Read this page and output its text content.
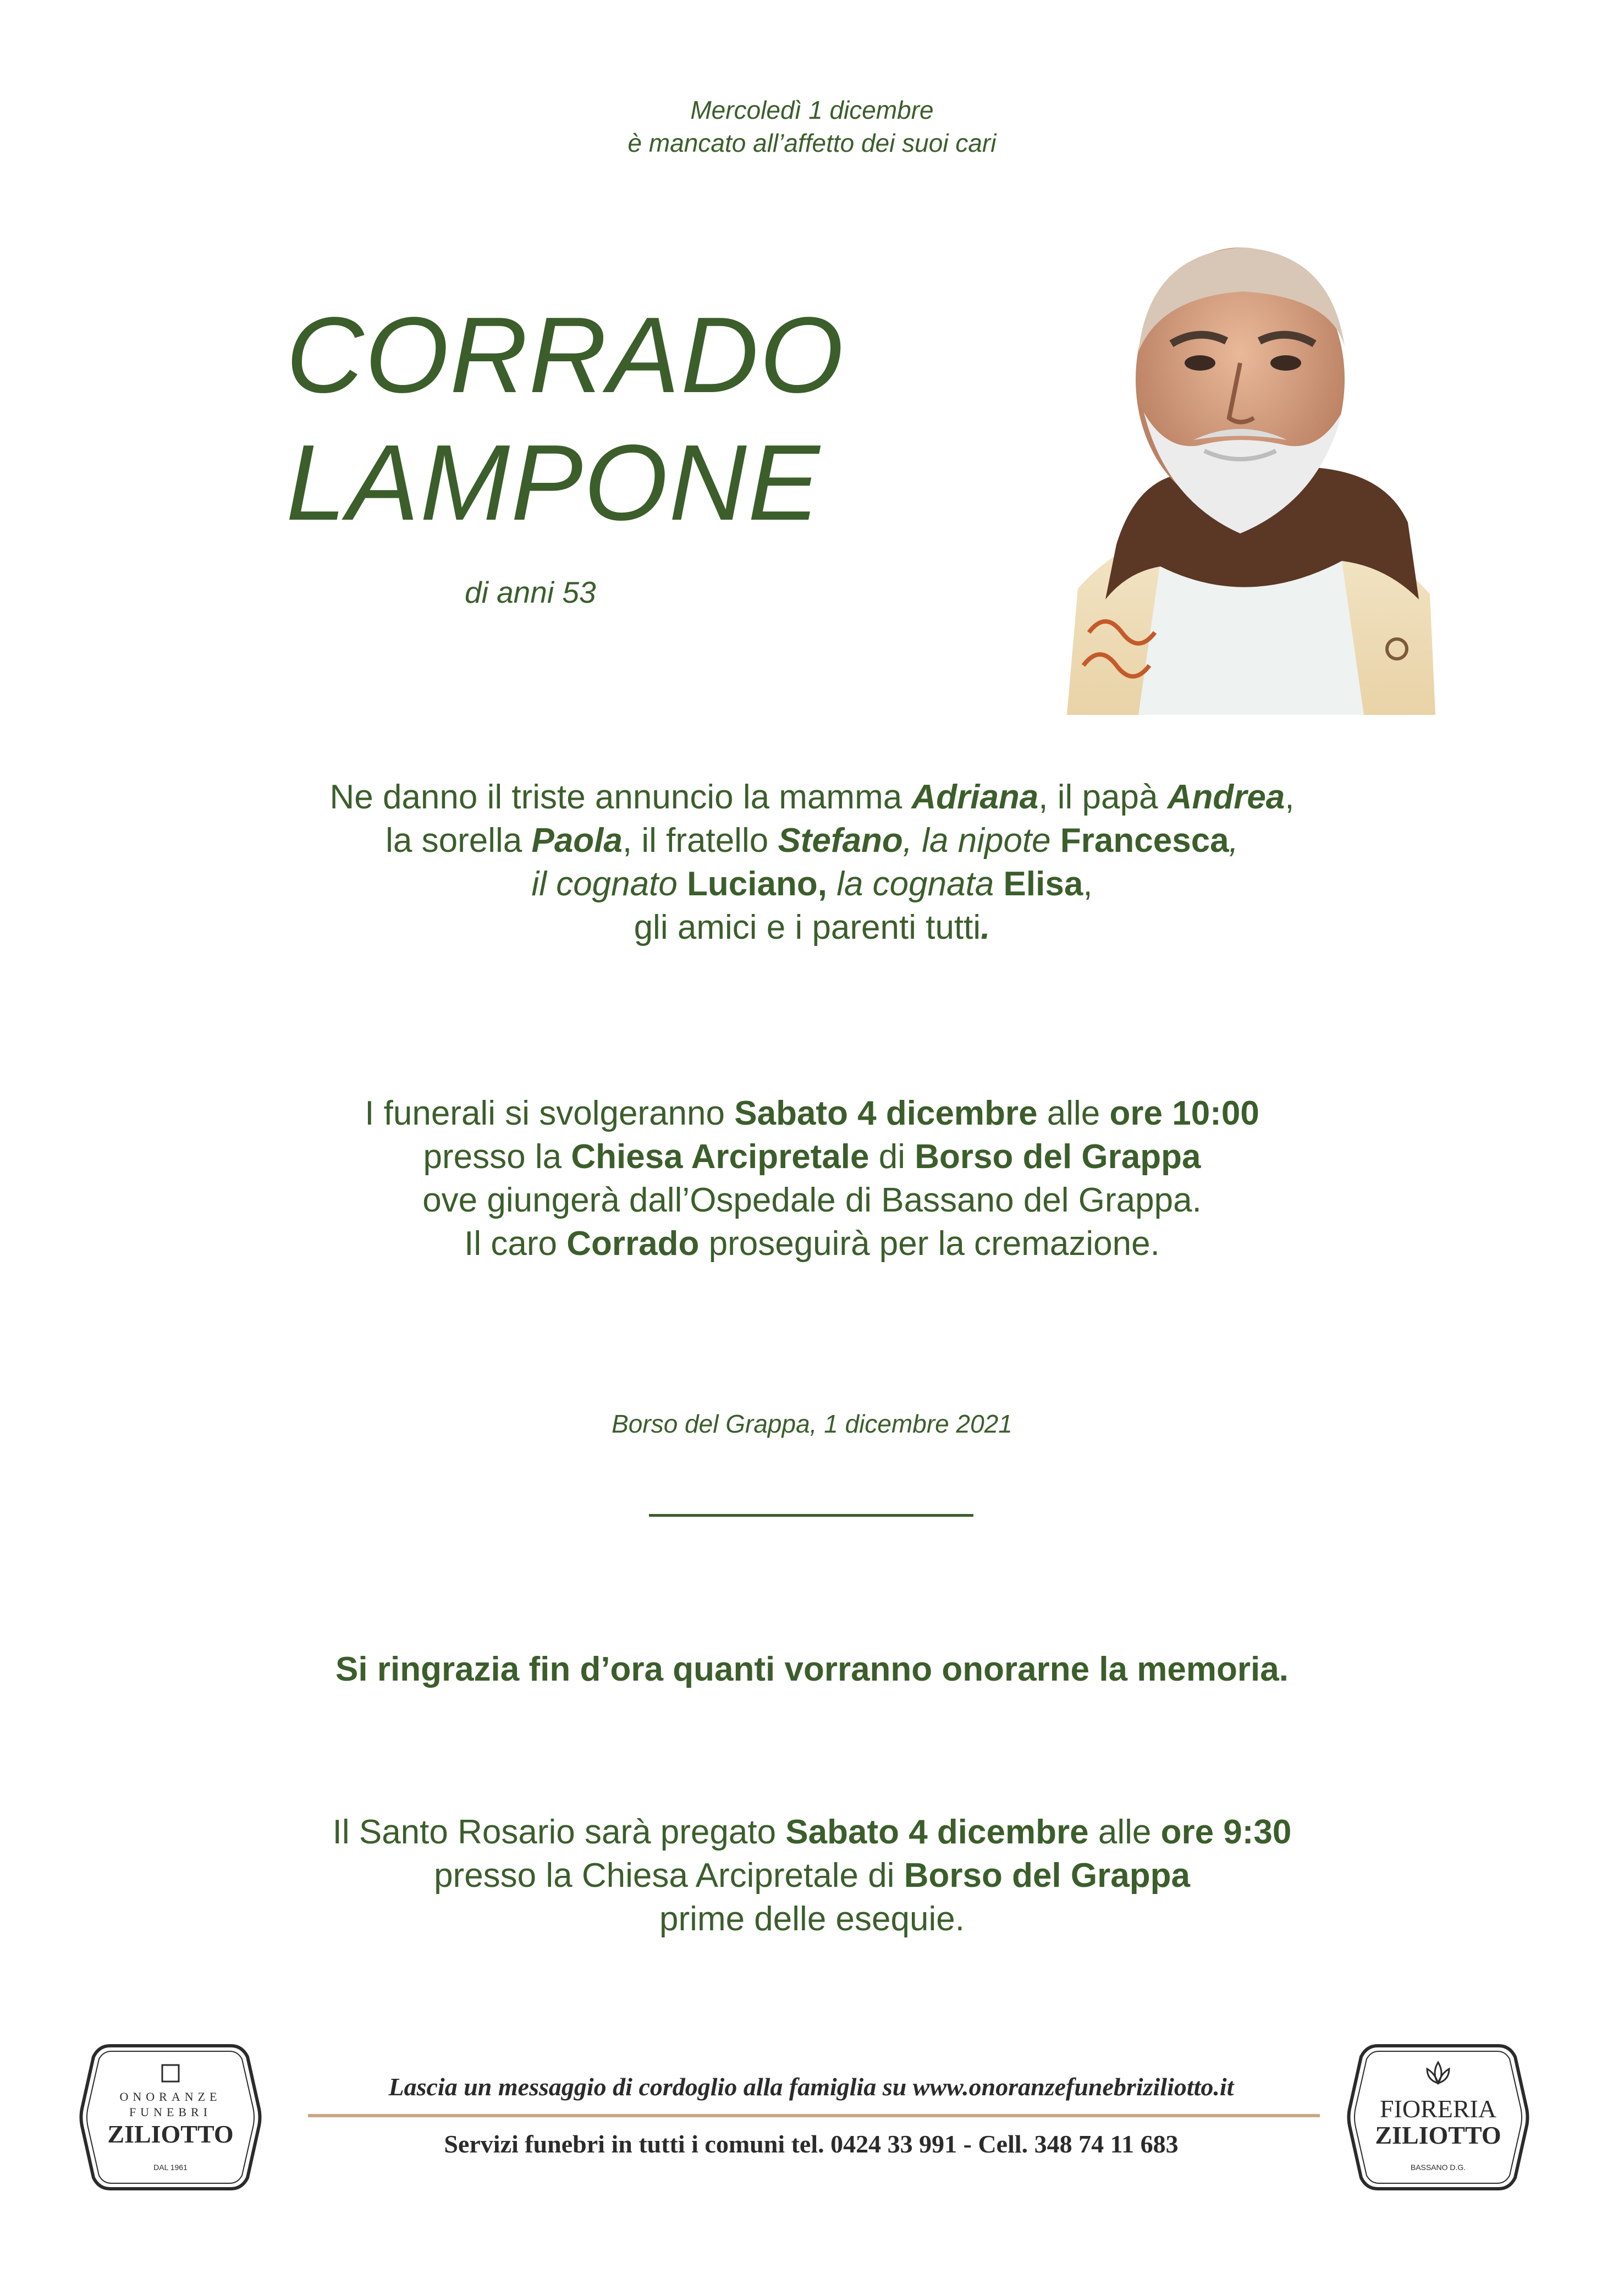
Mercoledì 1 dicembre
è mancato all’affetto dei suoi cari
CORRADO
LAMPONE
di anni 53
Ne danno il triste annuncio la mamma Adriana, il papà Andrea,
la sorella Paola, il fratello Stefano, la nipote Francesca,
il cognato Luciano, la cognata Elisa,
gli amici e i parenti tutti.
I funerali si svolgeranno Sabato 4 dicembre alle ore 10:00
presso la Chiesa Arcipretale di Borso del Grappa
ove giungerà dall’Ospedale di Bassano del Grappa.
Il caro Corrado proseguirà per la cremazione.
Borso del Grappa, 1 dicembre 2021
Si ringrazia fin d’ora quanti vorranno onorarne la memoria.
Il Santo Rosario sarà pregato Sabato 4 dicembre alle ore 9:30
presso la Chiesa Arcipretale di Borso del Grappa
prime delle esequie.
ONORANZE
FUNEBRI
ZILIOTTO
DAL 1961
Lascia un messaggio di cordoglio alla famiglia su www.onoranzefunebriziliotto.it
Servizi funebri in tutti i comuni tel. 0424 33 991 - Cell. 348 74 11 683
FIORERIA
ZILIOTTO
BASSANO D.G.
